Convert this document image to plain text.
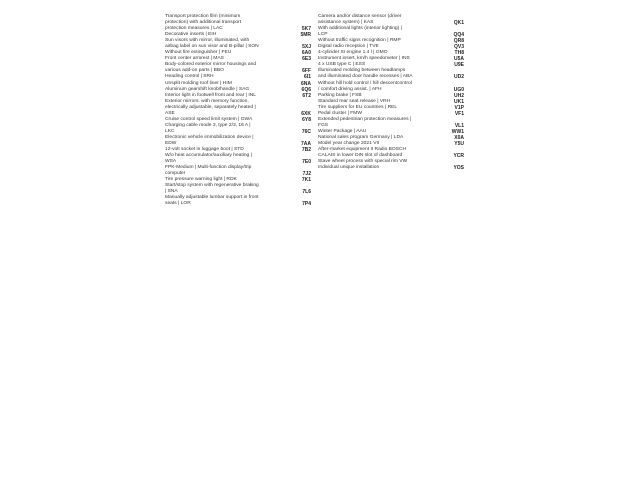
Transport protection film (minimum
protection) with additional transport
protection measures | LAC	5K7
Decorative inserts | EIH	5MR
Sun visors with mirror, illuminated, with
airbag label on sun visor and B-pillar | SON	5XJ
Without fire extinguisher | FEU	6A0
Front center armrest | MAS	6E3
Body-colored exterior mirror housings and
various add-on parts | BBO	6FF
Heading control | SRH	6I1
Unsplit molding roof liner | HIM	6NA
Aluminum gearshift knob/handle | SAG	6Q6
Interior light in footwell front and rear | INL	6T2
Exterior mirrors: with memory function,
electrically adjustable, separately heated |
ASE	6XK
Cruise control speed limit system | GWA	6Y8
Charging cable mode 3, type 2/3, 16 A |
LKC	76C
Electronic vehicle immobilization device |
EDW	7AA
12-volt socket in luggage boot | STD	7B2
W/o heat accumulator/auxiliary heating |
WSA	7E0
FPK-Medium | Multi-function display/trip
computer	7J2
Tire pressure warning light | RDK	7K1
Start/stop system with regenerative braking
| SNA	7L6
Manually adjustable lumbar support in front
seats | LOR	7P4
Camera and/or distance sensor (driver
assistance system) | KAS	QK1
With additional lights (interior lighting) |
LCP	QQ4
Without traffic signs recognition | RMP	QR8
Digital radio reception | TVE	QV3
4-cylinder SI engine 1.4 l | GMO	TH8
Instrument insert, km/h speedometer | INS	U5A
4 x USB type C | ESS	U9E
Illuminated molding between headlamps
and illuminated door handle recesses | ABA	UD2
Without hill hold control / hill descentcontrol
/ comfort driving assist. | AFH	UG0
Parking brake | FSB	UH2
Standard rear seat release | VRH	UK1
Tire suppliers for EU countries | REL	V1P
Pedal cluster | FMW	VF1
Extended pedestrian protection measures |
FGS	VL1
Winter Package | AAU	WW1
National sales program Germany | LDA	X0A
Model year change 2021 VII	Y5U
After-market equipment II Radio BOSCH
CALAIS in lower DIN slot of dashboard	YCR
Stave wheel process with special rim VW
Individual unique installation	YOS
